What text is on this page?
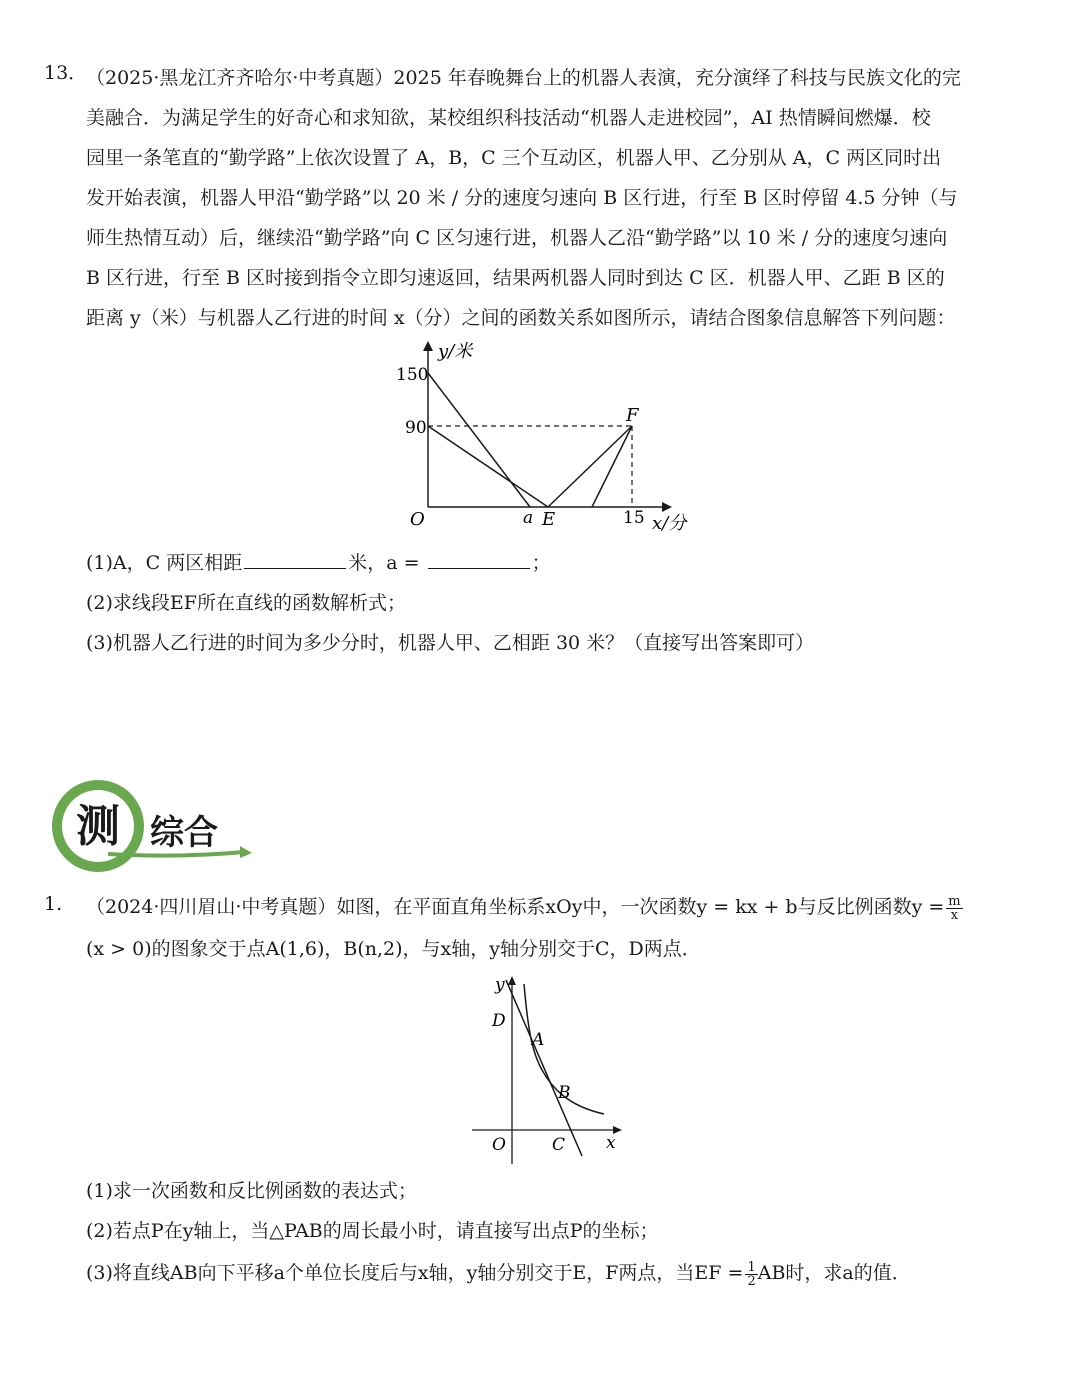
13．
（2025·黑龙江齐齐哈尔·中考真题）2025 年春晚舞台上的机器人表演，充分演绎了科技与民族文化的完
美融合．为满足学生的好奇心和求知欲，某校组织科技活动“机器人走进校园”，AI 热情瞬间燃爆．校
园里一条笔直的“勤学路”上依次设置了 A，B，C 三个互动区，机器人甲、乙分别从 A，C 两区同时出
发开始表演，机器人甲沿“勤学路”以 20 米 / 分的速度匀速向 B 区行进，行至 B 区时停留 4.5 分钟（与
师生热情互动）后，继续沿“勤学路”向 C 区匀速行进，机器人乙沿“勤学路”以 10 米 / 分的速度匀速向
B 区行进，行至 B 区时接到指令立即匀速返回，结果两机器人同时到达 C 区．机器人甲、乙距 B 区的
距离 y（米）与机器人乙行进的时间 x（分）之间的函数关系如图所示，请结合图象信息解答下列问题：
y/米
150
90
O	a E	15
F
x/分
(1)A，C 两区相距	米，a =	；
(2)求线段EF所在直线的函数解析式；
(3)机器人乙行进的时间为多少分时，机器人甲、乙相距 30 米？（直接写出答案即可）
测 综合
1. （2024·四川眉山·中考真题）如图，在平面直角坐标系xOy中，一次函数y = kx + b与反比例函数$y = \frac{m}{x}$
(x > 0)的图象交于点A(1,6)，B(n,2)，与x轴，y轴分别交于C，D两点．
y
D
A
B
O	C x
(1)求一次函数和反比例函数的表达式；
(2)若点P在y轴上，当△PAB的周长最小时，请直接写出点P的坐标；
(3)将直线AB向下平移a个单位长度后与x轴，y轴分别交于E，F两点，当EF = $\frac{1}{2}$ AB时，求a的值．
